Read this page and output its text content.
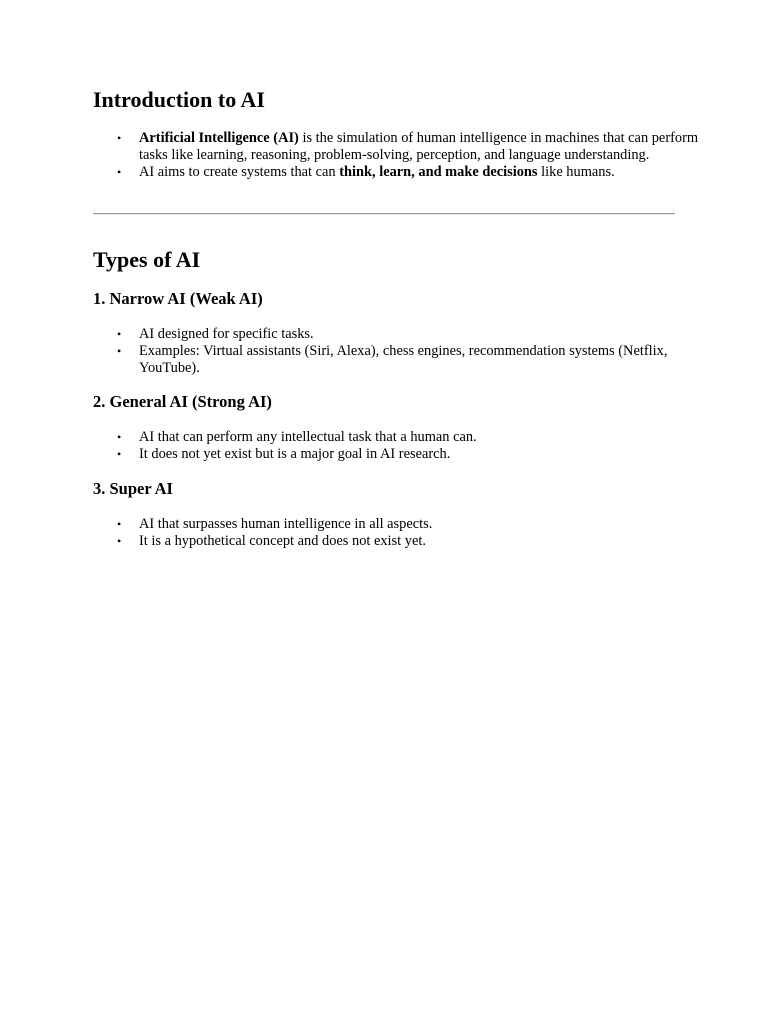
Introduction to AI
• Artificial Intelligence (AI) is the simulation of human intelligence in machines that can perform tasks like learning, reasoning, problem-solving, perception, and language understanding.
• AI aims to create systems that can think, learn, and make decisions like humans.
Types of AI
1. Narrow AI (Weak AI)
• AI designed for specific tasks.
• Examples: Virtual assistants (Siri, Alexa), chess engines, recommendation systems (Netflix, YouTube).
2. General AI (Strong AI)
• AI that can perform any intellectual task that a human can.
• It does not yet exist but is a major goal in AI research.
3. Super AI
• AI that surpasses human intelligence in all aspects.
• It is a hypothetical concept and does not exist yet.
